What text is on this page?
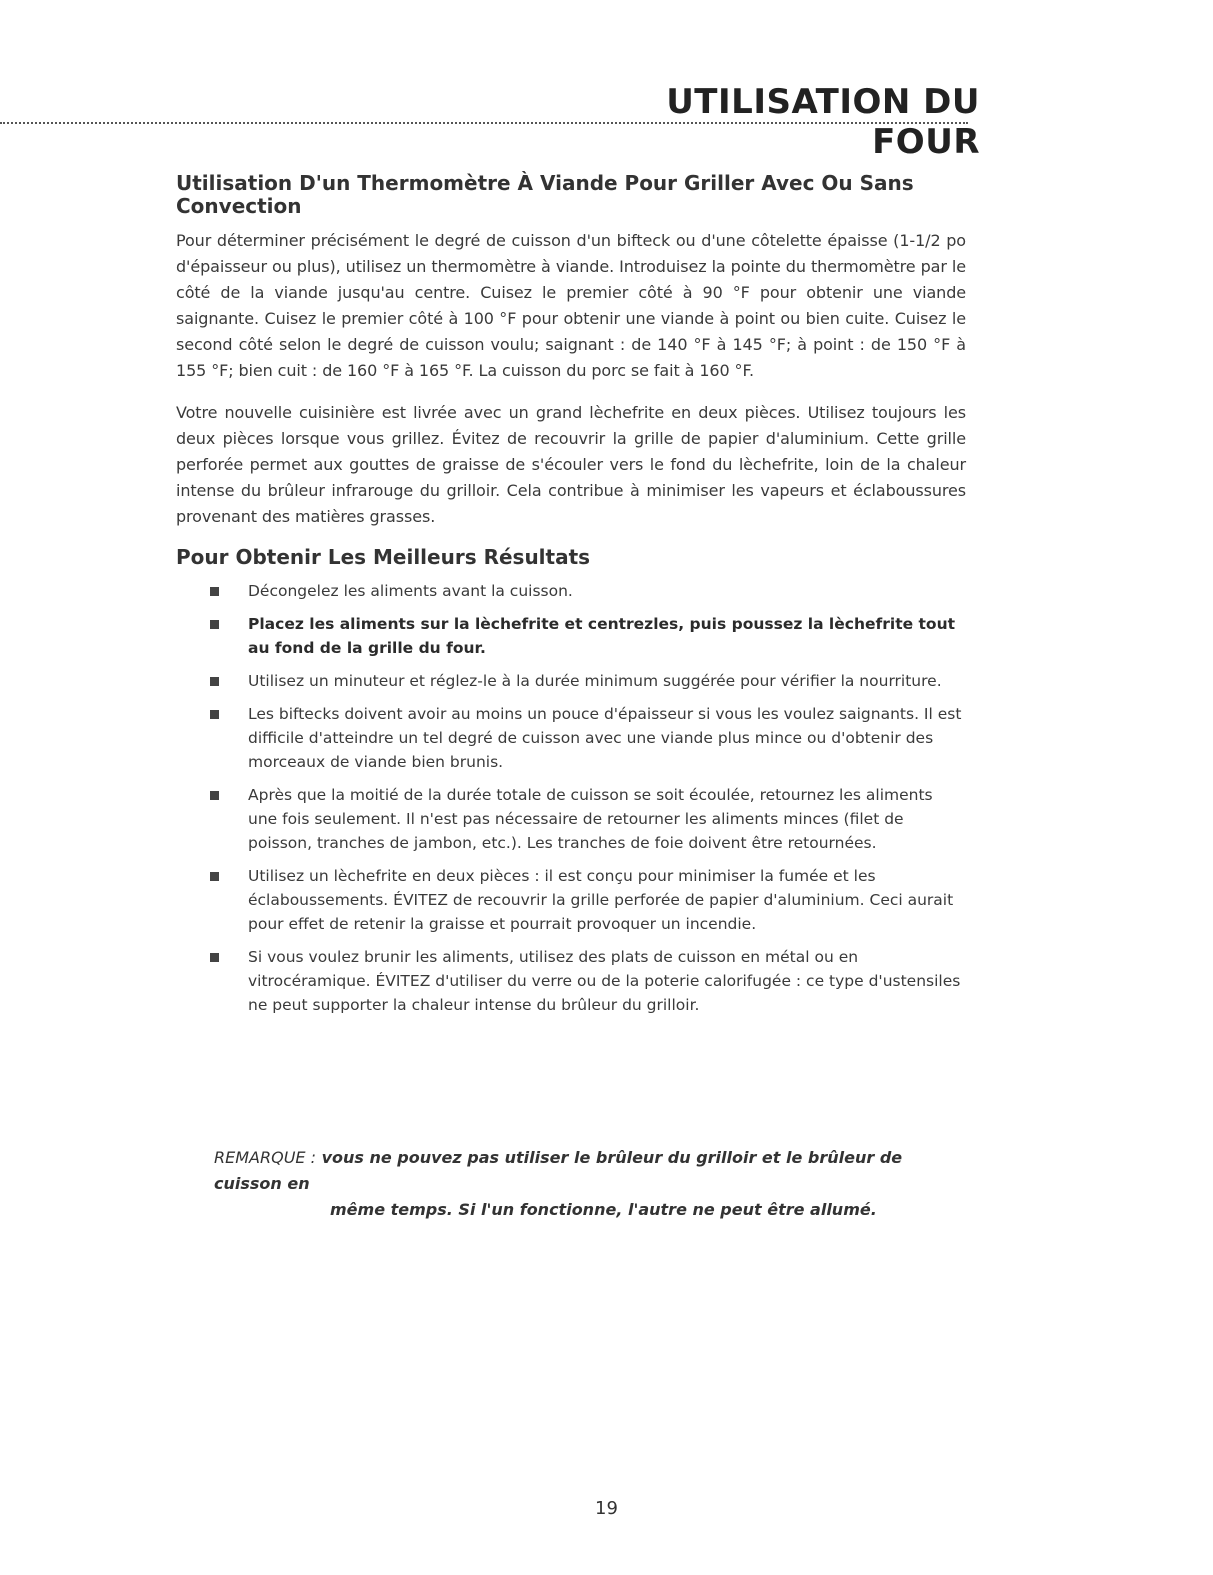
UTILISATION DU FOUR
Utilisation D'un Thermomètre À Viande Pour Griller Avec Ou Sans Convection

Pour déterminer précisément le degré de cuisson d'un bifteck ou d'une côtelette épaisse (1-1/2 po d'épaisseur ou plus), utilisez un thermomètre à viande. Introduisez la pointe du thermomètre par le côté de la viande jusqu'au centre. Cuisez le premier côté à 90 °F pour obtenir une viande saignante. Cuisez le premier côté à 100 °F pour obtenir une viande à point ou bien cuite. Cuisez le second côté selon le degré de cuisson voulu; saignant : de 140 °F à 145 °F; à point : de 150 °F à 155 °F; bien cuit : de 160 °F à 165 °F. La cuisson du porc se fait à 160 °F.

Votre nouvelle cuisinière est livrée avec un grand lèchefrite en deux pièces. Utilisez toujours les deux pièces lorsque vous grillez. Évitez de recouvrir la grille de papier d'aluminium. Cette grille perforée permet aux gouttes de graisse de s'écouler vers le fond du lèchefrite, loin de la chaleur intense du brûleur infrarouge du grilloir. Cela contribue à minimiser les vapeurs et éclaboussures provenant des matières grasses.

Pour Obtenir Les Meilleurs Résultats
Décongelez les aliments avant la cuisson.
Placez les aliments sur la lèchefrite et centrezles, puis poussez la lèchefrite tout au fond de la grille du four.
Utilisez un minuteur et réglez-le à la durée minimum suggérée pour vérifier la nourriture.
Les biftecks doivent avoir au moins un pouce d'épaisseur si vous les voulez saignants. Il est difficile d'atteindre un tel degré de cuisson avec une viande plus mince ou d'obtenir des morceaux de viande bien brunis.
Après que la moitié de la durée totale de cuisson se soit écoulée, retournez les aliments une fois seulement. Il n'est pas nécessaire de retourner les aliments minces (filet de poisson, tranches de jambon, etc.). Les tranches de foie doivent être retournées.
Utilisez un lèchefrite en deux pièces : il est conçu pour minimiser la fumée et les éclaboussements. ÉVITEZ de recouvrir la grille perforée de papier d'aluminium. Ceci aurait pour effet de retenir la graisse et pourrait provoquer un incendie.
Si vous voulez brunir les aliments, utilisez des plats de cuisson en métal ou en vitrocéramique. ÉVITEZ d'utiliser du verre ou de la poterie calorifugée : ce type d'ustensiles ne peut supporter la chaleur intense du brûleur du grilloir.
REMARQUE : vous ne pouvez pas utiliser le brûleur du grilloir et le brûleur de cuisson en
même temps. Si l'un fonctionne, l'autre ne peut être allumé.
19
